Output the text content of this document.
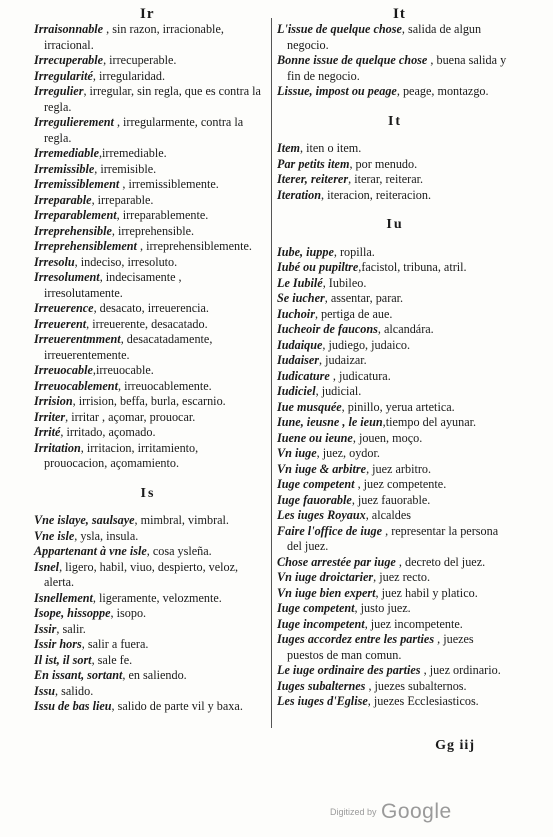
Ir	It

Irraisonnable , sin razon, irracionable, irracional.

Irrecuperable, irrecuperable.

Irregularité, irregularidad.

Irregulier, irregular, sin regla, que es contra la regla.

Irregulierement , irregularmente, contra la regla.

Irremediable,irremediable.

Irremissible, irremisible.

Irremissiblement , irremissiblemente.

Irreparable, irreparable.

Irreparablement, irreparablemente.

Irreprehensible, irreprehensible.

Irreprehensiblement , irreprehensiblemente.

Irresolu, indeciso, irresoluto.

Irresolument, indecisamente , irresolutamente.

Irreuerence, desacato, irreuerencia.

Irreuerent, irreuerente, desacatado.

Irreuerentmment, desacatadamente, irreuerentemente.

Irreuocable,irreuocable.

Irreuocablement, irreuocablemente.

Irrision, irrision, beffa, burla, escarnio.

Irriter, irritar , açomar, prouocar.

Irrité, irritado, açomado.

Irritation, irritacion, irritamiento, prouocacion, açomamiento.

Is

Vne islaye, saulsaye, mimbral, vimbral.

Vne isle, ysla, insula.

Appartenant à vne isle, cosa ysleña.

Isnel, ligero, habil, viuo, despierto, veloz, alerta.

Isnellement, ligeramente, velozmente.

Isope, hissoppe, isopo.

Issir, salir.

Issir hors, salir a fuera.

Il ist, il sort, sale fe.

En issant, sortant, en saliendo.

Issu, salido.

Issu de bas lieu, salido de parte vil y baxa.

L'issue de quelque chose, salida de algun negocio.

Bonne issue de quelque chose , buena salida y fin de negocio.

Lissue, impost ou peage, peage, montazgo.

It

Item, iten o item.

Par petits item, por menudo.

Iterer, reiterer, iterar, reiterar.

Iteration, iteracion, reiteracion.

Iu

Iube, iuppe, ropilla.

Iubé ou pupiltre,facistol, tribuna, atril.

Le Iubilé, Iubileo.

Se iucher, assentar, parar.

Iuchoir, pertiga de aue.

Iucheoir de faucons, alcandára.

Iudaique, judiego, judaico.

Iudaiser, judaizar.

Iudicature , judicatura.

Iudiciel, judicial.

Iue musquée, pinillo, yerua artetica.

Iune, ieusne , le ieun,tiempo del ayunar.

Iuene ou ieune, jouen, moço.

Vn iuge, juez, oydor.

Vn iuge & arbitre, juez arbitro.

Iuge competent , juez competente.

Iuge fauorable, juez fauorable.

Les iuges Royaux, alcaldes

Faire l'office de iuge , representar la persona del juez.

Chose arrestée par iuge , decreto del juez.

Vn iuge droictarier, juez recto.

Vn iuge bien expert, juez habil y platico.

Iuge competent, justo juez.

Iuge incompetent, juez incompetente.

Iuges accordez entre les parties , juezes puestos de man comun.

Le iuge ordinaire des parties , juez ordinario.

Iuges subalternes , juezes subalternos.

Les iuges d'Eglise, juezes Ecclesiasticos.

Gg iij
Digitized by Google
